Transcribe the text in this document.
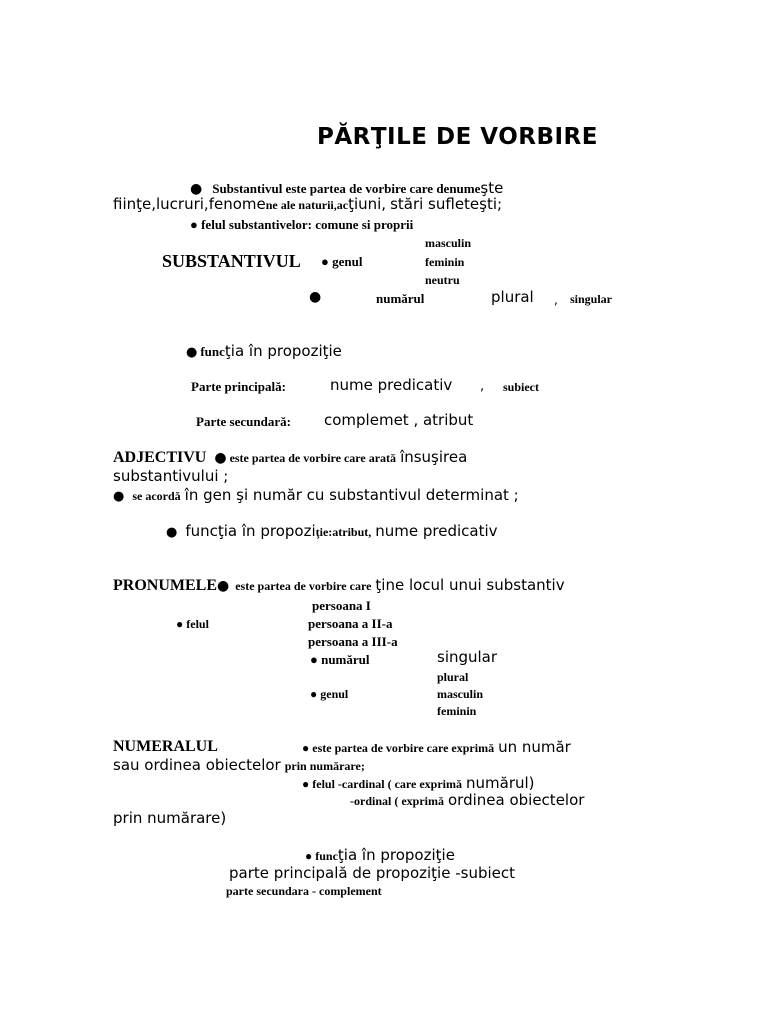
PĂRŢILE DE VORBIRE
● Substantivul este partea de vorbire care denumeşte
fiinţe,lucruri,fenomene ale naturii,acţiuni, stări sufleteşti;
● felul substantivelor: comune si proprii
masculin
SUBSTANTIVUL ● genul	feminin
neutru
●	numărul	plural , singular
● funcţia în propoziţie
Parte principală:	nume predicativ , subiect
Parte secundară: complemet , atribut
ADJECTIVU ● este partea de vorbire care arată însuşirea
substantivului ;
● se acordă în gen şi număr cu substantivul determinat ;
● funcţia în propoziţie:atribut, nume predicativ
PRONUMELE● este partea de vorbire care ţine locul unui substantiv
persoana I
● felul	persoana a II-a
persoana a III-a
● numărul	singular
plural
● genul	masculin
feminin
NUMERALUL	● este partea de vorbire care exprimă un număr
sau ordinea obiectelor prin numărare;
● felul -cardinal ( care exprimă numărul)
-ordinal ( exprimă ordinea obiectelor
prin numărare)
● funcţia în propoziţie
parte principală de propoziţie -subiect
parte secundara - complement
